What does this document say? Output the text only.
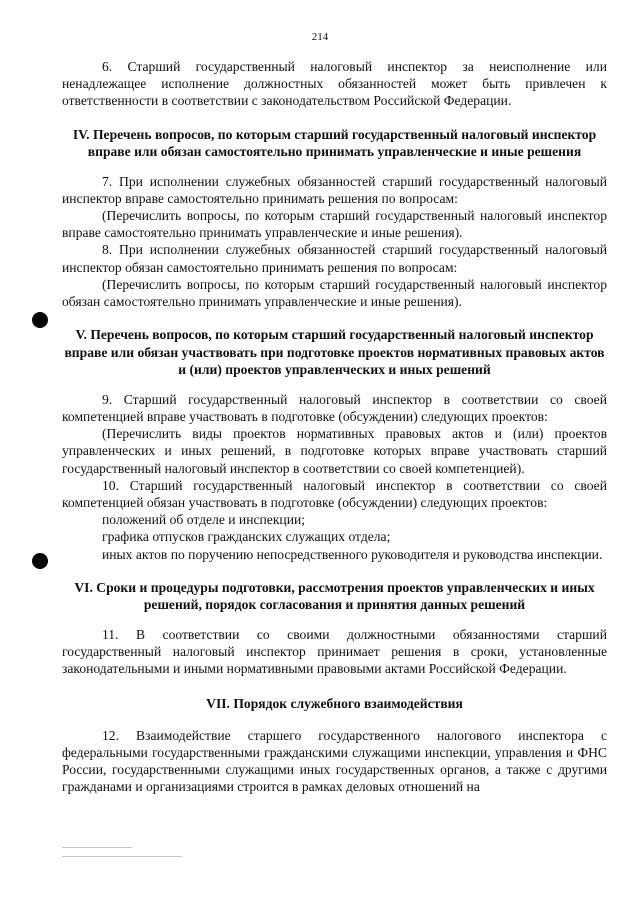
214

6. Старший государственный налоговый инспектор за неисполнение или ненадлежащее исполнение должностных обязанностей может быть привлечен к ответственности в соответствии с законодательством Российской Федерации.

IV. Перечень вопросов, по которым старший государственный налоговый инспектор вправе или обязан самостоятельно принимать управленческие и иные решения

7. При исполнении служебных обязанностей старший государственный налоговый инспектор вправе самостоятельно принимать решения по вопросам:

(Перечислить вопросы, по которым старший государственный налоговый инспектор вправе самостоятельно принимать управленческие и иные решения).

8. При исполнении служебных обязанностей старший государственный налоговый инспектор обязан самостоятельно принимать решения по вопросам:

(Перечислить вопросы, по которым старший государственный налоговый инспектор обязан самостоятельно принимать управленческие и иные решения).

V. Перечень вопросов, по которым старший государственный налоговый инспектор вправе или обязан участвовать при подготовке проектов нормативных правовых актов и (или) проектов управленческих и иных решений

9. Старший государственный налоговый инспектор в соответствии со своей компетенцией вправе участвовать в подготовке (обсуждении) следующих проектов:

(Перечислить виды проектов нормативных правовых актов и (или) проектов управленческих и иных решений, в подготовке которых вправе участвовать старший государственный налоговый инспектор в соответствии со своей компетенцией).

10. Старший государственный налоговый инспектор в соответствии со своей компетенцией обязан участвовать в подготовке (обсуждении) следующих проектов:

положений об отделе и инспекции;

графика отпусков гражданских служащих отдела;

иных актов по поручению непосредственного руководителя и руководства инспекции.

VI. Сроки и процедуры подготовки, рассмотрения проектов управленческих и иных решений, порядок согласования и принятия данных решений

11. В соответствии со своими должностными обязанностями старший государственный налоговый инспектор принимает решения в сроки, установленные законодательными и иными нормативными правовыми актами Российской Федерации.

VII. Порядок служебного взаимодействия

12. Взаимодействие старшего государственного налогового инспектора с федеральными государственными гражданскими служащими инспекции, управления и ФНС России, государственными служащими иных государственных органов, а также с другими гражданами и организациями строится в рамках деловых отношений на
